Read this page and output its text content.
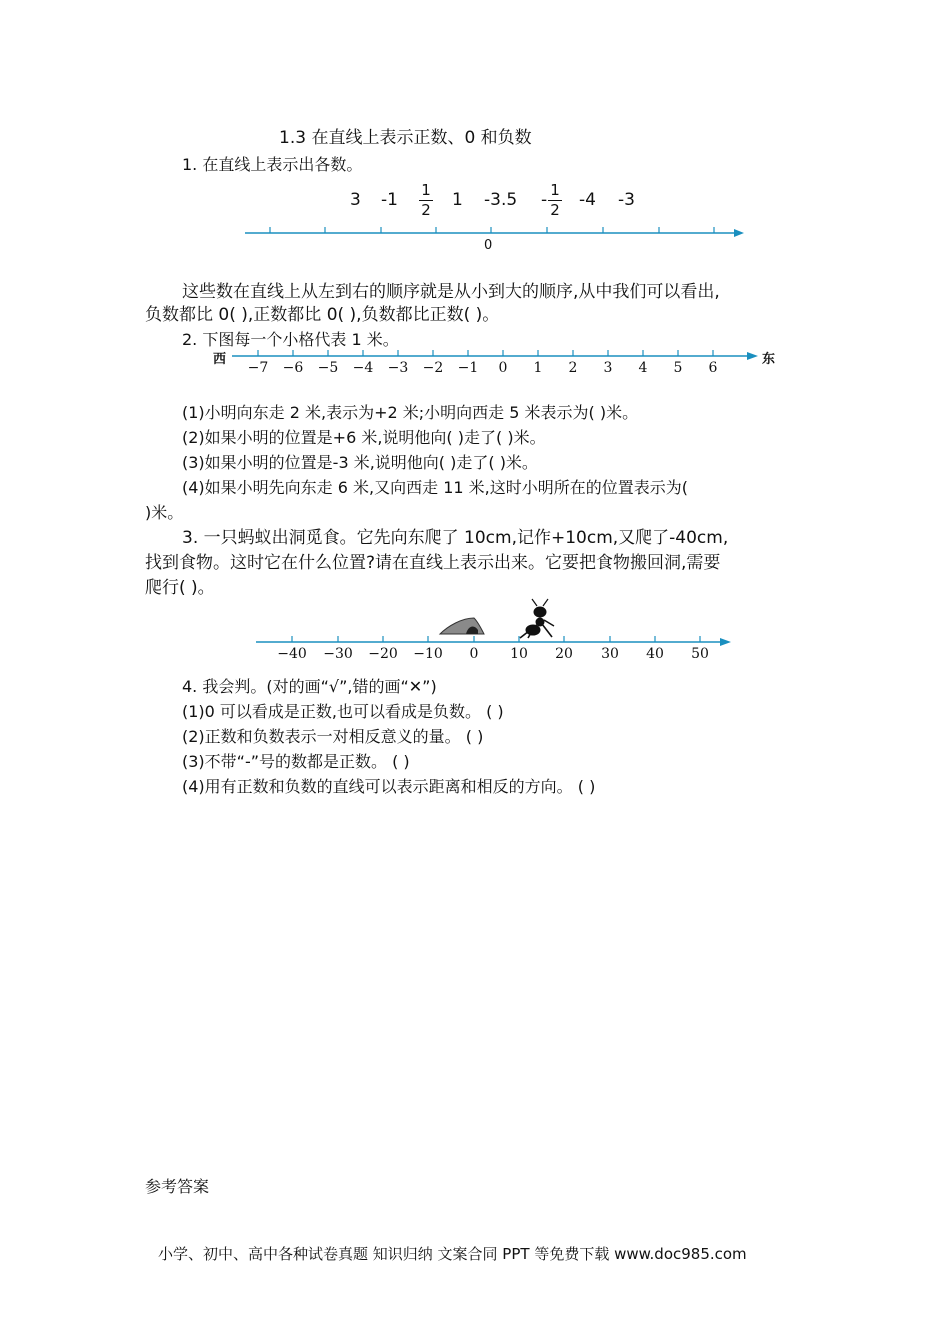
1.3 在直线上表示正数、0 和负数
1. 在直线上表示出各数。
3 -1 1
2 1 -3.5 - 1
2 -4 -3
0
这些数在直线上从左到右的顺序就是从小到大的顺序,从中我们可以看出,
负数都比 0( ),正数都比 0( ),负数都比正数( )。
2. 下图每一个小格代表 1 米。
西	东
−7 −6 −5 −4 −3 −2 −1 0 1 2 3 4 5 6
(1)小明向东走 2 米,表示为+2 米;小明向西走 5 米表示为( )米。
(2)如果小明的位置是+6 米,说明他向( )走了( )米。
(3)如果小明的位置是-3 米,说明他向( )走了( )米。
(4)如果小明先向东走 6 米,又向西走 11 米,这时小明所在的位置表示为(
)米。
3. 一只蚂蚁出洞觅食。它先向东爬了 10cm,记作+10cm,又爬了-40cm,
找到食物。这时它在什么位置?请在直线上表示出来。它要把食物搬回洞,需要
爬行( )。
−40 −30 −20 −10 0 10 20 30 40 50
4. 我会判。(对的画“√”,错的画“✕”)
(1)0 可以看成是正数,也可以看成是负数。 ( )
(2)正数和负数表示一对相反意义的量。 ( )
(3)不带“-”号的数都是正数。 ( )
(4)用有正数和负数的直线可以表示距离和相反的方向。 ( )
参考答案
小学、初中、高中各种试卷真题 知识归纳 文案合同 PPT 等免费下载 www.doc985.com
